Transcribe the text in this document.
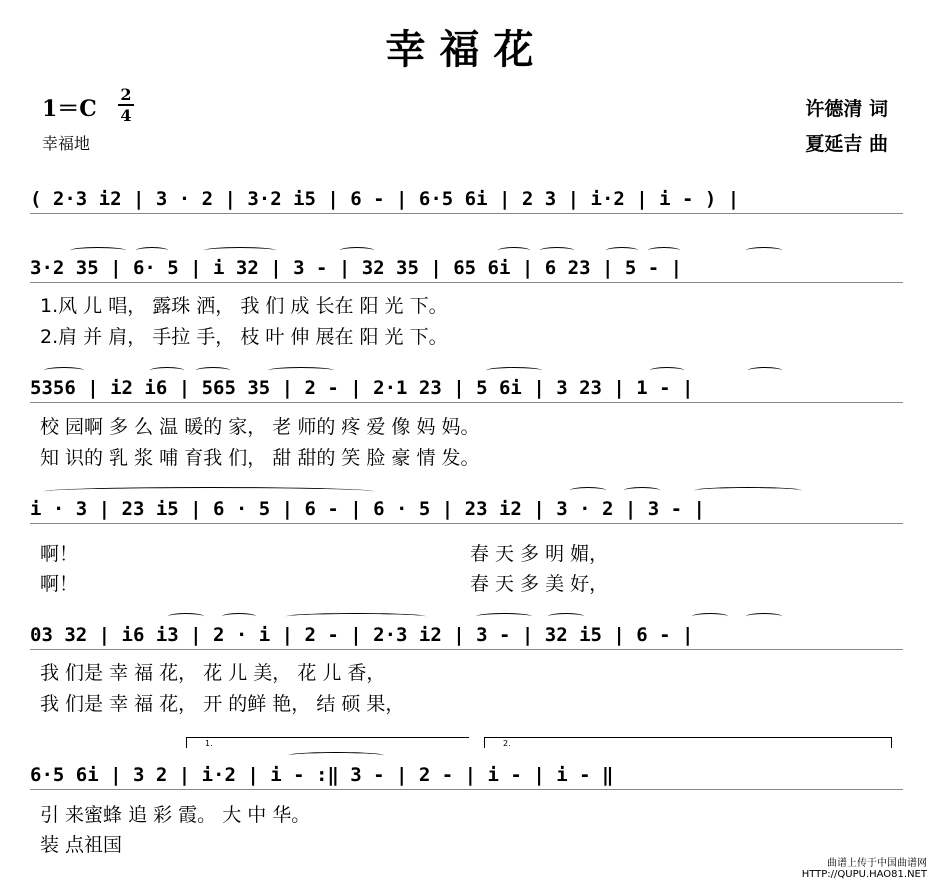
幸福花
1＝C
2
4
幸福地
许德清 词
夏延吉 曲
( 2·3 i2 | 3 · 2 | 3·2 i5 | 6 - | 6·5 6i | 2 3 | i·2 | i - ) |
3·2 35 | 6· 5 | i 32 | 3 - | 32 35 | 65 6i | 6 23 | 5 - |
1.风 儿 唱， 露珠 洒， 我 们 成 长在 阳 光 下。
2.肩 并 肩， 手拉 手， 枝 叶 伸 展在 阳 光 下。
5356 | i2 i6 | 565 35 | 2 - | 2·1 23 | 5 6i | 3 23 | 1 - |
校 园啊 多 么 温 暖的 家， 老 师的 疼 爱 像 妈 妈。
知 识的 乳 浆 哺 育我 们， 甜 甜的 笑 脸 豪 情 发。
i · 3 | 23 i5 | 6 · 5 | 6 - | 6 · 5 | 23 i2 | 3 · 2 | 3 - |
啊！	春 天 多 明 媚，
啊！	春 天 多 美 好，
03 32 | i6 i3 | 2 · i | 2 - | 2·3 i2 | 3 - | 32 i5 | 6 - |
我 们是 幸 福 花， 花 儿 美， 花 儿 香，
我 们是 幸 福 花， 开 的鲜 艳， 结 硕 果，
1.	2.
6·5 6i | 3 2 | i·2 | i - :‖ 3 - | 2 - | i - | i - ‖
引 来蜜蜂 追 彩 霞。 大 中 华。
装 点祖国
曲谱上传于中国曲谱网
HTTP://QUPU.HAO81.NET
